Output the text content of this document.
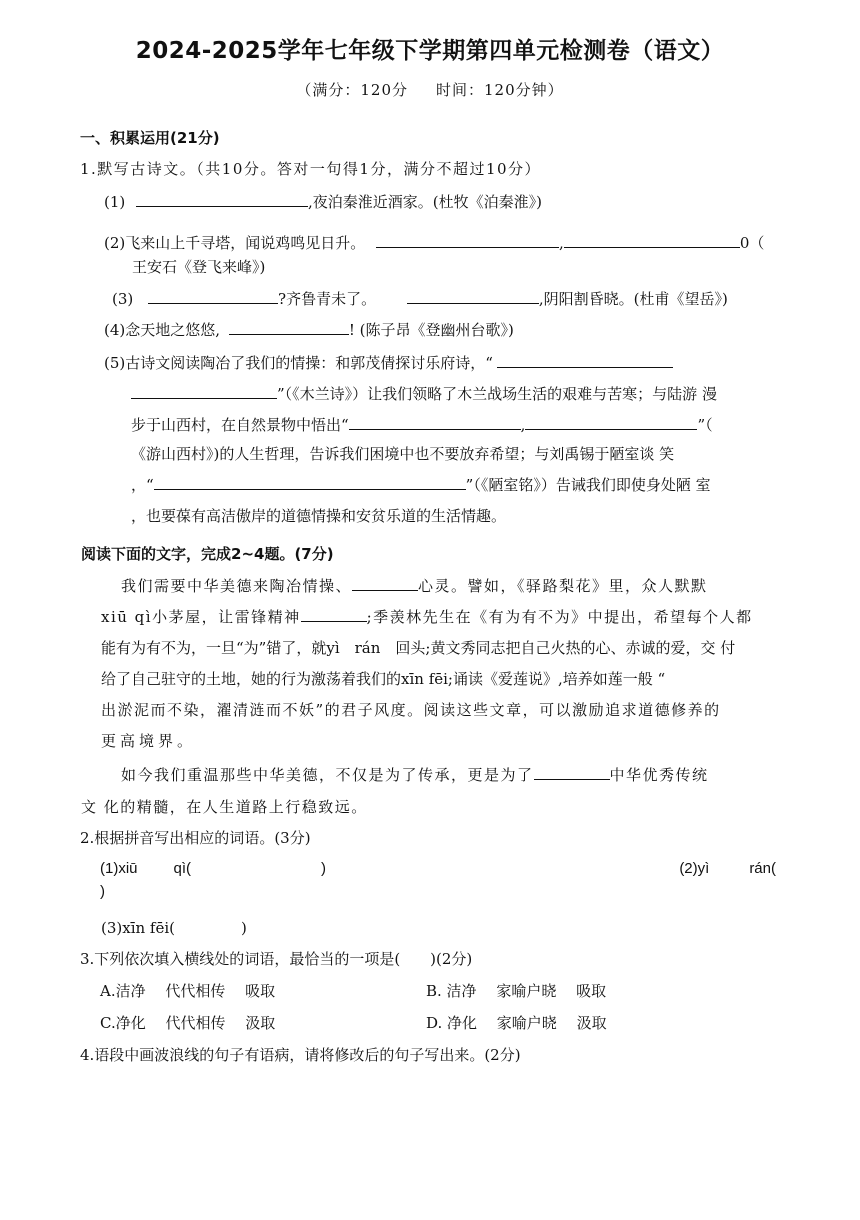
2024-2025学年七年级下学期第四单元检测卷（语文）
（满分：120分 时间：120分钟）
一、积累运用(21分)
1.默写古诗文。（共10分。答对一句得1分，满分不超过10分）
(1)	,夜泊秦淮近酒家。(杜牧《泊秦淮》)
(2)飞来山上千寻塔，闻说鸡鸣见日升。	,	0（
王安石《登飞来峰》)
(3)	?齐鲁青未了。	,阴阳割昏晓。(杜甫《望岳》)
(4)念天地之悠悠,	! (陈子昂《登幽州台歌》)
(5)古诗文阅读陶冶了我们的情操：和郭茂倩探讨乐府诗，“
”（《木兰诗》）让我们领略了木兰战场生活的艰难与苦寒；与陆游 漫
步于山西村，在自然景物中悟出“	,	”（
《游山西村》)的人生哲理，告诉我们困境中也不要放弃希望；与刘禹锡于陋室谈 笑
，“	”（《陋室铭》）告诫我们即使身处陋 室
，也要葆有高洁傲岸的道德情操和安贫乐道的生活情趣。
阅读下面的文字，完成2~4题。(7分)
我们需要中华美德来陶冶情操、	心灵。譬如，《驿路梨花》里，众人默默
xiū qì小茅屋，让雷锋精神	;季羡林先生在《有为有不为》中提出，希望每个人都
能有为有不为，一旦“为”错了，就yì　rán　回头;黄文秀同志把自己火热的心、赤诚的爱，交 付
给了自己驻守的土地，她的行为激荡着我们的xīn fēi;诵读《爱莲说》,培养如莲一般 “
出淤泥而不染，濯清涟而不妖”的君子风度。阅读这些文章，可以激励追求道德修养的
更高境界。
如今我们重温那些中华美德，不仅是为了传承，更是为了	中华优秀传统
文 化的精髓，在人生道路上行稳致远。
2.根据拼音写出相应的词语。(3分)
(1)xiū qì(	)	(2)yì	rán(
)
(3)xīn fēi(	)
3.下列依次填入横线处的词语，最恰当的一项是(　　)(2分)
A.洁净　 代代相传　 吸取	B. 洁净　 家喻户晓　 吸取
C.净化　 代代相传　 汲取	D. 净化　 家喻户晓　 汲取
4.语段中画波浪线的句子有语病，请将修改后的句子写出来。(2分)
